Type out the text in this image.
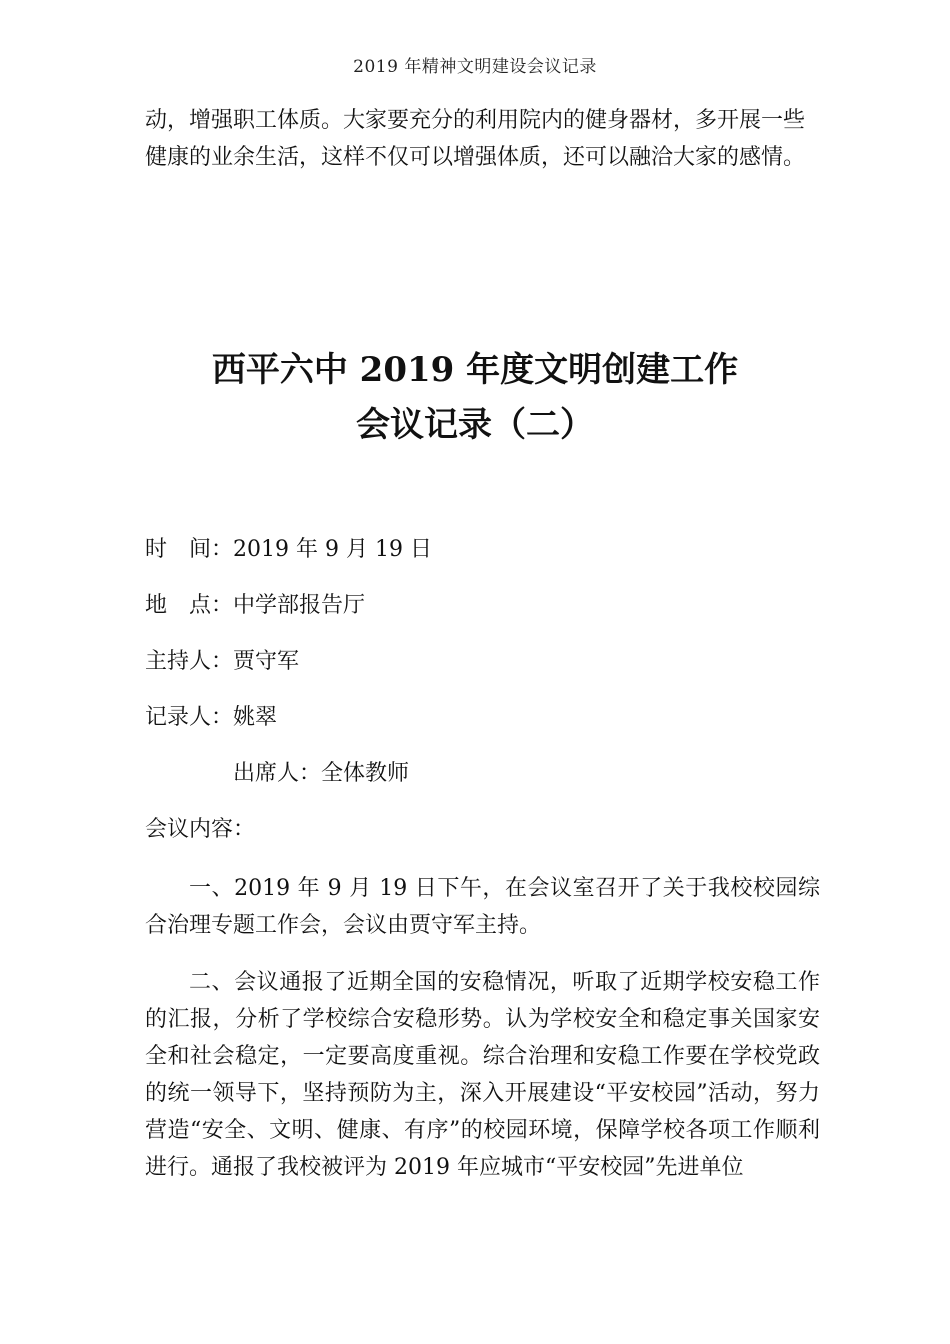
2019 年精神文明建设会议记录

动，增强职工体质。大家要充分的利用院内的健身器材，多开展一些健康的业余生活，这样不仅可以增强体质，还可以融洽大家的感情。

西平六中 2019 年度文明创建工作
会议记录（二）
时　间：2019 年 9 月 19 日
地　点：中学部报告厅
主持人：贾守军
记录人：姚翠
出席人：全体教师
会议内容：

一、2019 年 9 月 19 日下午，在会议室召开了关于我校校园综合治理专题工作会，会议由贾守军主持。

二、会议通报了近期全国的安稳情况，听取了近期学校安稳工作的汇报，分析了学校综合安稳形势。认为学校安全和稳定事关国家安全和社会稳定，一定要高度重视。综合治理和安稳工作要在学校党政的统一领导下，坚持预防为主，深入开展建设“平安校园”活动，努力营造“安全、文明、健康、有序”的校园环境，保障学校各项工作顺利进行。通报了我校被评为 2019 年应城市“平安校园”先进单位
